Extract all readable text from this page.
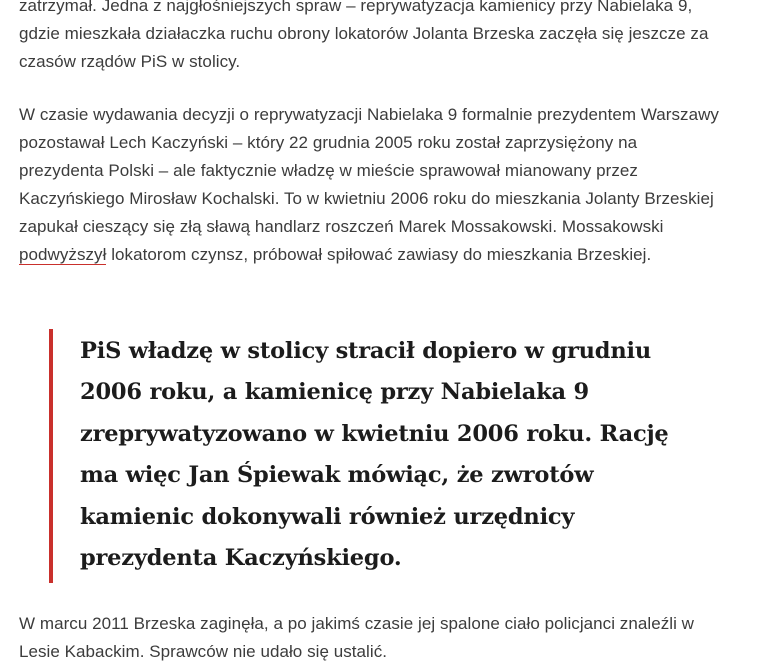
zatrzymał. Jedna z najgłośniejszych spraw – reprywatyzacja kamienicy przy Nabielaka 9, gdzie mieszkała działaczka ruchu obrony lokatorów Jolanta Brzeska zaczęła się jeszcze za czasów rządów PiS w stolicy.

W czasie wydawania decyzji o reprywatyzacji Nabielaka 9 formalnie prezydentem Warszawy pozostawał Lech Kaczyński – który 22 grudnia 2005 roku został zaprzysiężony na prezydenta Polski – ale faktycznie władzę w mieście sprawował mianowany przez Kaczyńskiego Mirosław Kochalski. To w kwietniu 2006 roku do mieszkania Jolanty Brzeskiej zapukał cieszący się złą sławą handlarz roszczeń Marek Mossakowski. Mossakowski podwyższył lokatorom czynsz, próbował spiłować zawiasy do mieszkania Brzeskiej.

PiS władzę w stolicy stracił dopiero w grudniu 2006 roku, a kamienicę przy Nabielaka 9 zreprywatyzowano w kwietniu 2006 roku. Rację ma więc Jan Śpiewak mówiąc, że zwrotów kamienic dokonywali również urzędnicy prezydenta Kaczyńskiego.

W marcu 2011 Brzeska zaginęła, a po jakimś czasie jej spalone ciało policjanci znaleźli w Lesie Kabackim. Sprawców nie udało się ustalić.
